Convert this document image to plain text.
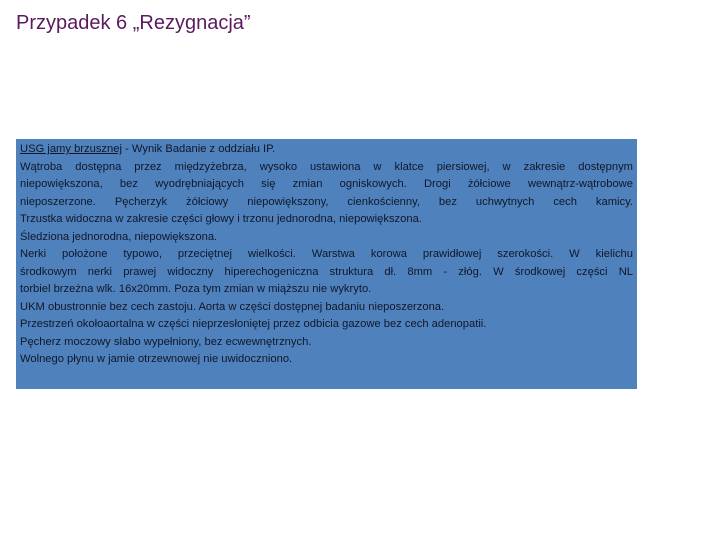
Przypadek 6 „Rezygnacja”
USG jamy brzusznej - Wynik Badanie z oddziału IP.
Wątroba dostępna przez międzyżebrza, wysoko ustawiona w klatce piersiowej, w zakresie dostępnym
niepowiększona, bez wyodrębniających się zmian ogniskowych. Drogi żółciowe wewnątrz-wątrobowe
nieposzerzone. Pęcherzyk żółciowy niepowiększony, cienkościenny, bez uchwytnych cech kamicy.
Trzustka widoczna w zakresie części głowy i trzonu jednorodna, niepowiększona.
Śledziona jednorodna, niepowiększona.
Nerki położone typowo, przeciętnej wielkości. Warstwa korowa prawidłowej szerokości. W kielichu
środkowym nerki prawej widoczny hiperechogeniczna struktura dł. 8mm - złóg. W środkowej części NL
torbiel brzeżna wlk. 16x20mm. Poza tym zmian w miąższu nie wykryto.
UKM obustronnie bez cech zastoju. Aorta w części dostępnej badaniu nieposzerzona.
Przestrzeń okołoaortalna w części nieprzesłoniętej przez odbicia gazowe bez cech adenopatii.
Pęcherz moczowy słabo wypełniony, bez ecwewnętrznych.
Wolnego płynu w jamie otrzewnowej nie uwidoczniono.
